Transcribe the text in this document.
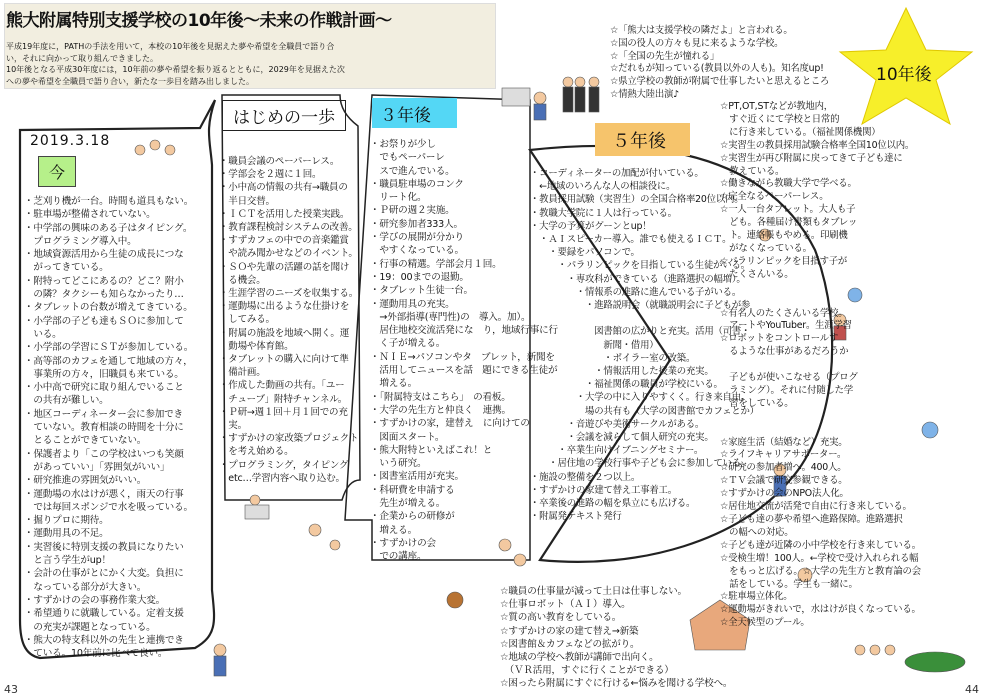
熊大附属特別支援学校の10年後〜未来の作戦計画〜
平成19年度に，PATHの手法を用いて，本校の10年後を見据えた夢や希望を全職員で語り合
い，それに向かって取り組んできました。
10年後となる平成30年度には，10年前の夢や希望を振り返るとともに，2029年を見据えた次
への夢や希望を全職員で語り合い，新たな一歩目を踏み出しました。
2019.3.18
今
はじめの一歩	３年後
５年後
10年後
・芝刈り機が一台。時間も道具もない。
・駐車場が整備されていない。
・中学部の興味のある子はタイピング。
　プログラミング導入中。
・地域資源活用から生徒の成長につな
　がってきている。
・附特ってどこにあるの？どこ？附小
　の隣？タクシーも知らなかったり…
・タブレットの台数が増えてきている。
・小学部の子ども達もＳＯに参加して
　いる。
・小学部の学習にＳＴが参加している。
・高等部のカフェを通して地域の方々，
　事業所の方々，旧職員も来ている。
・小中高で研究に取り組んでいること
　の共有が難しい。
・地区コーディネーター会に参加でき
　ていない。教育相談の時間を十分に
　とることができていない。
・保護者より「この学校はいつも笑顔
　があっていい」「雰囲気がいい」
・研究推進の雰囲気がいい。
・運動場の水はけが悪く，雨天の行事
　では毎回スポンジで水を吸っている。
・掘りプロに期待。
・運動用具の不足。
・実習後に特別支援の教員になりたい
　と言う学生がup！
・会計の仕事がとにかく大変。負担に
　なっている部分が大きい。
・すずかけの会の事務作業大変。
・希望通りに就職している。定着支援
　の充実が課題となっている。
・熊大の特支科以外の先生と連携でき
　ている。10年前に比べて良い。
・職員会議のペーパーレス。
・学部会を２週に１回。
・小中高の情報の共有→職員の
　半日交替。
・ＩＣＴを活用した授業実践。
・教育課程検討システムの改善。
・すずカフェの中での音楽鑑賞
　や読み聞かせなどのイベント。
・ＳＯや先輩の活躍の話を聞け
　る機会。
・生涯学習のニーズを収集する。
・運動場に出るような仕掛けを
　してみる。
・附属の施設を地域へ開く。運
　動場や体育館。
・タブレットの購入に向けて準
　備計画。
・作成した動画の共有。「ユー
　チューブ」附特チャンネル。
・Ｐ研→週１回＋月１回での充
　実。
・すずかけの家改築プロジェクト
　を考え始める。
・プログラミング，タイピング
　etc…学習内容へ取り込む。
・お祭りが少し
　でもペーパーレ
　スで進んでいる。
・職員駐車場のコンク
　リート化。
・Ｐ研の週２実施。
・研究参加者333人。
・学びの展開が分かり
　やすくなっている。
・行事の精選。学部会月１回。
・19：00までの退勤。
・タブレット生徒一台。
・運動用具の充実。
　→外部指導(専門性)の　導入。加）。
　居住地校交流活発にな　り，地域行事に行
　く子が増える。
・ＮＩＥ→パソコンやタ　ブレット，新聞を
　活用してニュースを話　題にできる生徒が
　増える。
・「附属特支はこちら」　の看板。
・大学の先生方と仲良く　連携。
・すずかけの家，建替え　に向けての
　図面スタート。
・熊大附特といえばこれ！と
　いう研究。
・図書室活用が充実。
・科研費を申請する
　先生が増える。
・企業からの研修が
　増える。
・すずかけの会
　での講座。
・コーディネーターの加配が付いている。
　←地域のいろんな人の相談役に。
・教員採用試験（実習生）の全国合格率20位以内。
・教職大学院に１人は行っている。
・大学の予算がグーンとup！
　・ＡＩスピーカー導入。誰でも使えるＩＣＴ。
　　・要録をパソコンで。
　　　・パラリンピックを目指している生徒がいる。
　　　　・専攻科ができている（進路選択の幅増）。
　　　　　・情報系の進路に進んでいる子がいる。
　　　　　　・進路説明会（就職説明会に子どもが参

　　　　　　　図書館の広がりと充実。活用（司書・
　　　　　　　　新聞・借用）
　　　　　　　　・ボイラー室の改築。
　　　　　　　・情報活用した授業の充実。
　　　　　　・福祉関係の職員が学校にいる。
　　　　　・大学の中に入りやすくく。行き来自由。
　　　　　　場の共有も（大学の図書館でカフェとか）
　　　　・音遊びや美術サークルがある。
　　　　・会議を減らして個人研究の充実。
　　　・卒業生向けイブニングセミナー。
　　・居住地の学校行事や子ども会に参加している。
・施設の整備を２つ以上。
・すずかけの家建て替え工事着工。
・卒業後の進路の幅を県立にも広げる。
・附属発テキスト発行
☆「熊大は支援学校の隣だよ」と言われる。
☆国の役人の方々も見に来るような学校。
☆「全国の先生が憧れる」
☆だれもが知っている(教員以外の人も)。知名度up!
☆県立学校の教師が附属で仕事したいと思えるところ
☆情熱大陸出演♪
☆PT,OT,STなどが教地内，
　すぐ近くにて学校と日常的
　に行き来している。（福祉関係機関）
☆実習生の教員採用試験合格率全国10位以内。
☆実習生が再び附属に戻ってきて子ども達に
　教えている。
☆働きながら教職大学で学べる。
☆完全なるペーパーレス。
☆一人一台タブレット。大人も子
　ども。各種届け書類もタブレッ
　ト。連絡帳もやめる。印刷機
　がなくなっている。
☆パラリンピックを目指す子が
　たくさんいる。

☆有名人のたくさんいる学校。
　アートやYouTuber。生涯学習
☆ロボットをコントロールす
　るような仕事があるだろうか

　子どもが使いこなせる（プログ
　ラミング）。それに付随した学
　習をしている。

☆家庭生活（結婚など）充実。
☆ライフキャリアサポーター。
☆研究の参加者増へ。400人。
☆ＴＶ会議で研究参観できる。
☆すずかけの会のNPO法人化。
☆居住地交流が活発で自由に行き来している。
☆子ども達の夢や希望へ進路保障。進路選択
　の幅への対応。
☆子ども達が近隣の小中学校を行き来している。
☆受検生増！100人。←学校で受け入れられる幅
　をもっと広げる。☆大学の先生方と教育論の会
　話をしている。学生も一緒に。
☆駐車場立体化。
☆運動場がきれいで，水はけが良くなっている。
☆全天候型のプール。
☆職員の仕事量が減って土日は仕事しない。
☆仕事ロボット（ＡＩ）導入。
☆質の高い教育をしている。
☆すずかけの家の建て替え→新築
☆図書館＆カフェなどの拡がり。
☆地域の学校へ教師が講師で出向く。
　（ＶＲ活用，すぐに行くことができる）
☆困ったら附属にすぐに行ける←悩みを聞ける学校へ。
43	44
